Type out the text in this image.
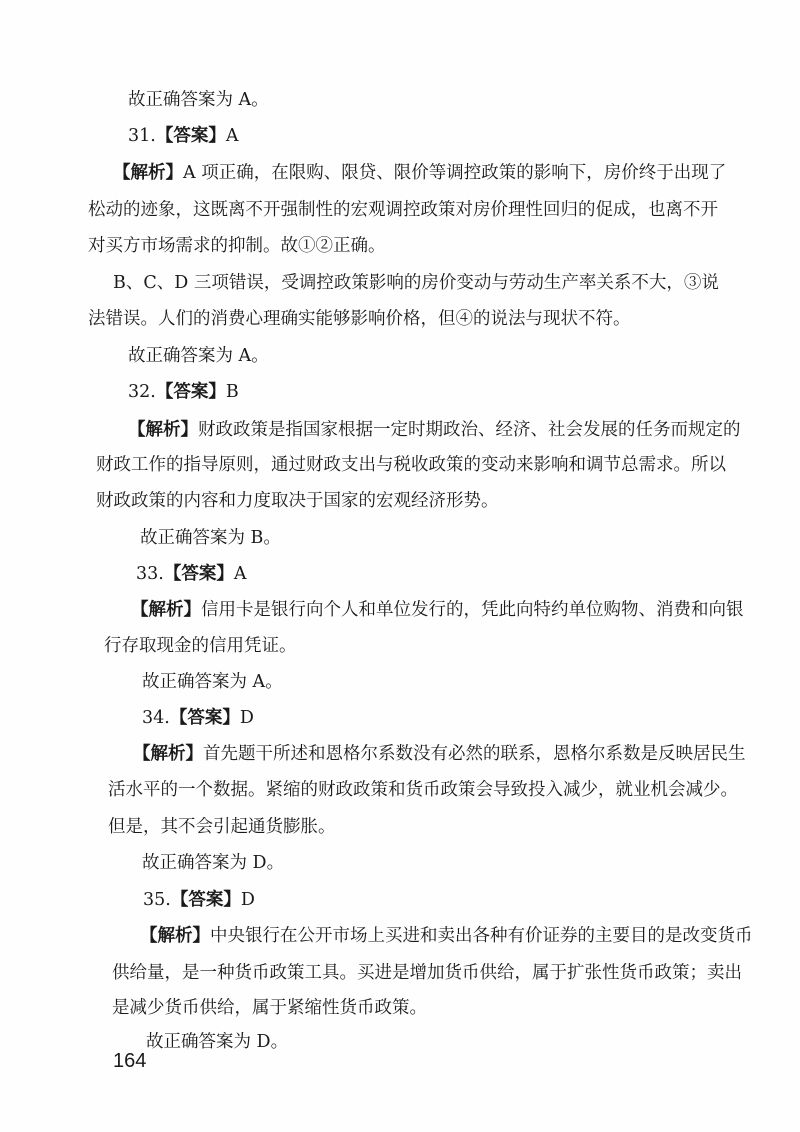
故正确答案为 A。
31.【答案】A
【解析】A 项正确，在限购、限贷、限价等调控政策的影响下，房价终于出现了
松动的迹象，这既离不开强制性的宏观调控政策对房价理性回归的促成，也离不开
对买方市场需求的抑制。故①②正确。
B、C、D 三项错误，受调控政策影响的房价变动与劳动生产率关系不大，③说
法错误。人们的消费心理确实能够影响价格，但④的说法与现状不符。
故正确答案为 A。
32.【答案】B
【解析】财政政策是指国家根据一定时期政治、经济、社会发展的任务而规定的
财政工作的指导原则，通过财政支出与税收政策的变动来影响和调节总需求。所以
财政政策的内容和力度取决于国家的宏观经济形势。
故正确答案为 B。
33.【答案】A
【解析】信用卡是银行向个人和单位发行的，凭此向特约单位购物、消费和向银
行存取现金的信用凭证。
故正确答案为 A。
34.【答案】D
【解析】首先题干所述和恩格尔系数没有必然的联系，恩格尔系数是反映居民生
活水平的一个数据。紧缩的财政政策和货币政策会导致投入减少，就业机会减少。
但是，其不会引起通货膨胀。
故正确答案为 D。
35.【答案】D
【解析】中央银行在公开市场上买进和卖出各种有价证券的主要目的是改变货币
供给量，是一种货币政策工具。买进是增加货币供给，属于扩张性货币政策；卖出
是减少货币供给，属于紧缩性货币政策。
故正确答案为 D。
164
